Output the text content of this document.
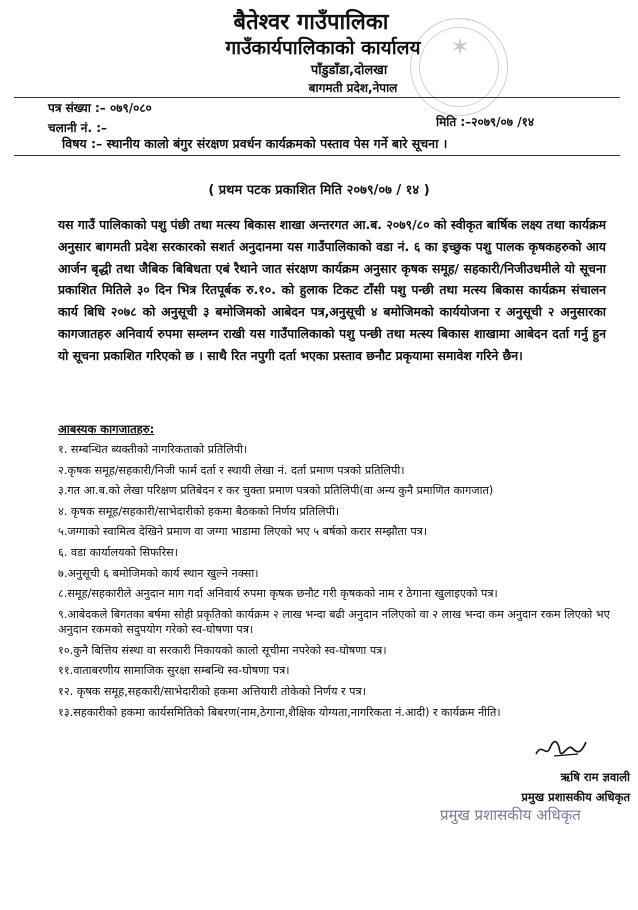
✶
बैतेश्वर गाउँपालिका
गाउँकार्यपालिकाको कार्यालय
पाँडुडाँडा,दोलखा
बागमती प्रदेश,नेपाल
पत्र संख्या :– ०७९/०८०
मिति :–२०७९/०७ /१४
चलानी नं. :–
विषय :– स्थानीय कालो बंगुर संरक्षण प्रवर्धन कार्यक्रमको पस्ताव पेस गर्ने बारे सूचना ।
( प्रथम पटक प्रकाशित मिति २०७९/०७ / १४ )
यस गाउँ पालिकाको पशु पंछी तथा मत्स्य बिकास शाखा अन्तरगत आ.ब. २०७९/८० को स्वीकृत बार्षिक लक्ष्य तथा कार्यक्रम अनुसार बागमती प्रदेश सरकारको सशर्त अनुदानमा यस गाउँपालिकाको वडा नं. ६ का इच्छुक पशु पालक कृषकहरुको आय आर्जन बृद्धी तथा जैबिक बिबिधता एबं रैथाने जात संरक्षण कार्यक्रम अनुसार कृषक समूह/ सहकारी/निजीउधमीले यो सूचना प्रकाशित मितिले ३० दिन भित्र रितपूर्बक रु.१०. को हुलाक टिकट टाँसी पशु पन्छी तथा मत्स्य बिकास कार्यक्रम संचालन कार्य बिधि २०७८ को अनुसूची ३ बमोजिमको आबेदन पत्र,अनुसूची ४ बमोजिमको कार्ययोजना र अनुसूची २ अनुसारका कागजातहरु अनिवार्य रुपमा सम्लग्न राखी यस गाउँपालिकाको पशु पन्छी तथा मत्स्य बिकास शाखामा आबेदन दर्ता गर्नु हुन यो सूचना प्रकाशित गरिएको छ । साथै रित नपुगी दर्ता भएका प्रस्ताव छनौट प्रकृयामा समावेश गरिने छैन।
आबस्यक कागजातहरु:
१. सम्बन्धित ब्यक्तीको नागरिकताको प्रतिलिपी।
२.कृषक समूह/सहकारी/निजी फार्म दर्ता र स्थायी लेखा नं. दर्ता प्रमाण पत्रको प्रतिलिपी।
३.गत आ.ब.को लेखा परिक्षण प्रतिबेदन र कर चुक्ता प्रमाण पत्रको प्रतिलिपी(वा अन्य कुनै प्रमाणित कागजात)
४. कृषक समूह/सहकारी/साभेदारीको हकमा बैठकको निर्णय प्रतिलिपी।
५.जग्गाको स्वामित्व देखिने प्रमाण वा जग्गा भाडामा लिएको भए ५ बर्षको करार सम्झौता पत्र।
६. वडा कार्यालयको सिफरिस।
७.अनुसूची ६ बमोजिमको कार्य स्थान खुल्ने नक्सा।
८.समूह/सहकारीले अनुदान माग गर्दा अनिवार्य रुपमा कृषक छनौट गरी कृषकको नाम र ठेगाना खुलाइएको पत्र।
९.आबेदकले बिगतका बर्षमा सोही प्रकृतिको कार्यक्रम २ लाख भन्दा बढी अनुदान नलिएको वा २ लाख भन्दा कम अनुदान रकम लिएको भए अनुदान रकमको सदुपयोग गरेको स्व-घोषणा पत्र।
१०.कुनै बित्तिय संस्था वा सरकारी निकायको कालो सूचीमा नपरेको स्व-घोषणा पत्र।
११.वाताबरणीय सामाजिक सुरक्षा सम्बन्धि स्व-घोषणा पत्र।
१२. कृषक समूह,सहकारी/साभेदारीको हकमा अत्तियारी तोकेको निर्णय र पत्र।
१३.सहकारीको हकमा कार्यसमितिको बिबरण(नाम,ठेगाना,शैक्षिक योग्यता,नागरिकता नं.आदी) र कार्यक्रम नीति।
ऋषि राम ज्ञवाली
प्रमुख प्रशासकीय अधिकृत
प्रमुख प्रशासकीय अधिकृत
